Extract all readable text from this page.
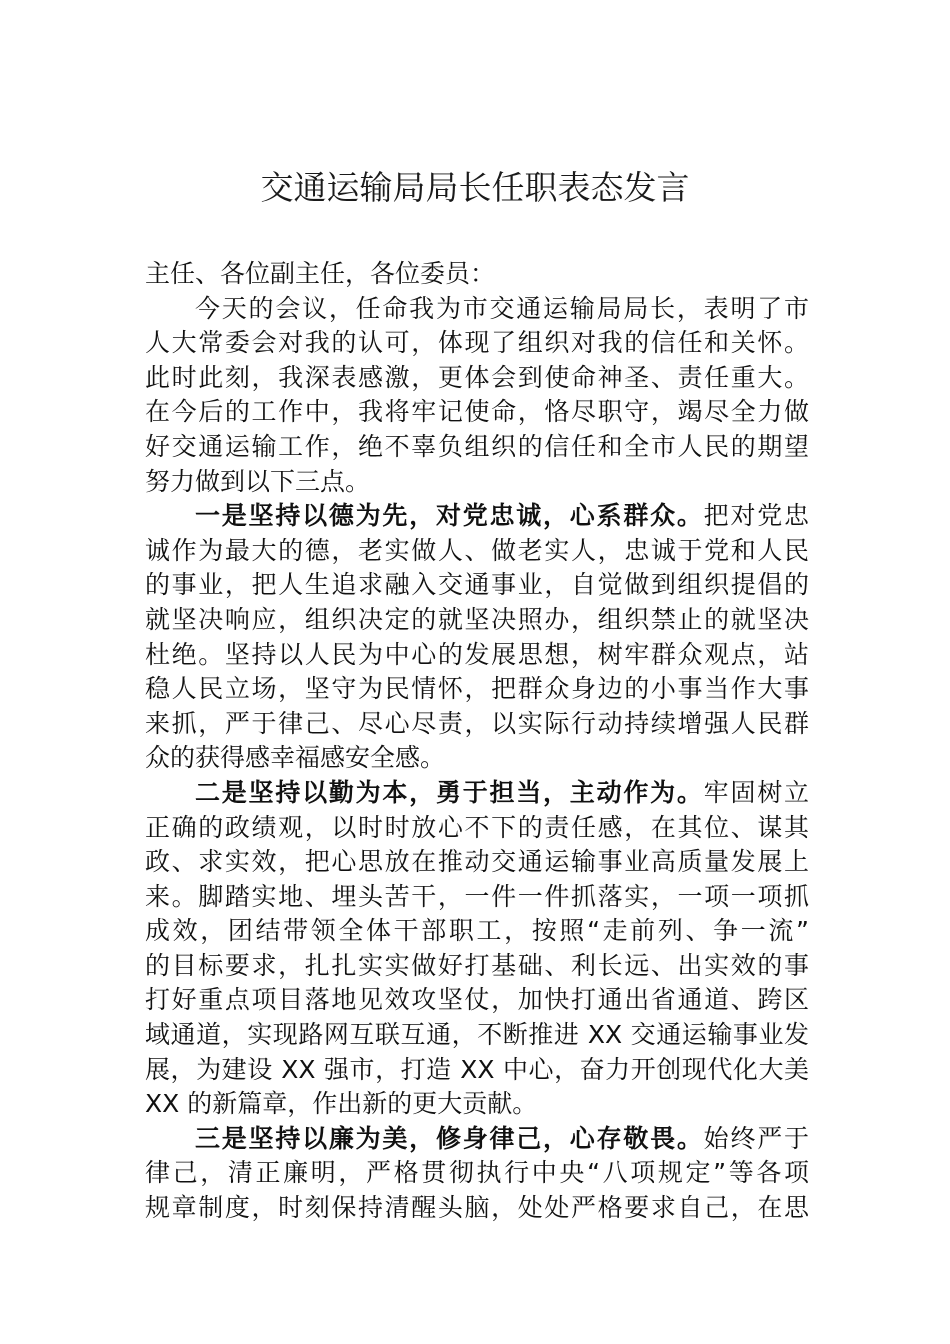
交通运输局局长任职表态发言
主任、各位副主任，各位委员：
今天的会议，任命我为市交通运输局局长，表明了市
人大常委会对我的认可，体现了组织对我的信任和关怀。
此时此刻，我深表感激，更体会到使命神圣、责任重大。
在今后的工作中，我将牢记使命，恪尽职守，竭尽全力做
好交通运输工作，绝不辜负组织的信任和全市人民的期望
努力做到以下三点。
一是坚持以德为先，对党忠诚，心系群众。把对党忠
诚作为最大的德，老实做人、做老实人，忠诚于党和人民
的事业，把人生追求融入交通事业，自觉做到组织提倡的
就坚决响应，组织决定的就坚决照办，组织禁止的就坚决
杜绝。坚持以人民为中心的发展思想，树牢群众观点，站
稳人民立场，坚守为民情怀，把群众身边的小事当作大事
来抓，严于律己、尽心尽责，以实际行动持续增强人民群
众的获得感幸福感安全感。
二是坚持以勤为本，勇于担当，主动作为。牢固树立
正确的政绩观，以时时放心不下的责任感，在其位、谋其
政、求实效，把心思放在推动交通运输事业高质量发展上
来。脚踏实地、埋头苦干，一件一件抓落实，一项一项抓
成效，团结带领全体干部职工，按照“走前列、争一流”
的目标要求，扎扎实实做好打基础、利长远、出实效的事
打好重点项目落地见效攻坚仗，加快打通出省通道、跨区
域通道，实现路网互联互通，不断推进 XX 交通运输事业发
展，为建设 XX 强市，打造 XX 中心，奋力开创现代化大美
XX 的新篇章，作出新的更大贡献。
三是坚持以廉为美，修身律己，心存敬畏。始终严于
律己，清正廉明，严格贯彻执行中央“八项规定”等各项
规章制度，时刻保持清醒头脑，处处严格要求自己，在思
